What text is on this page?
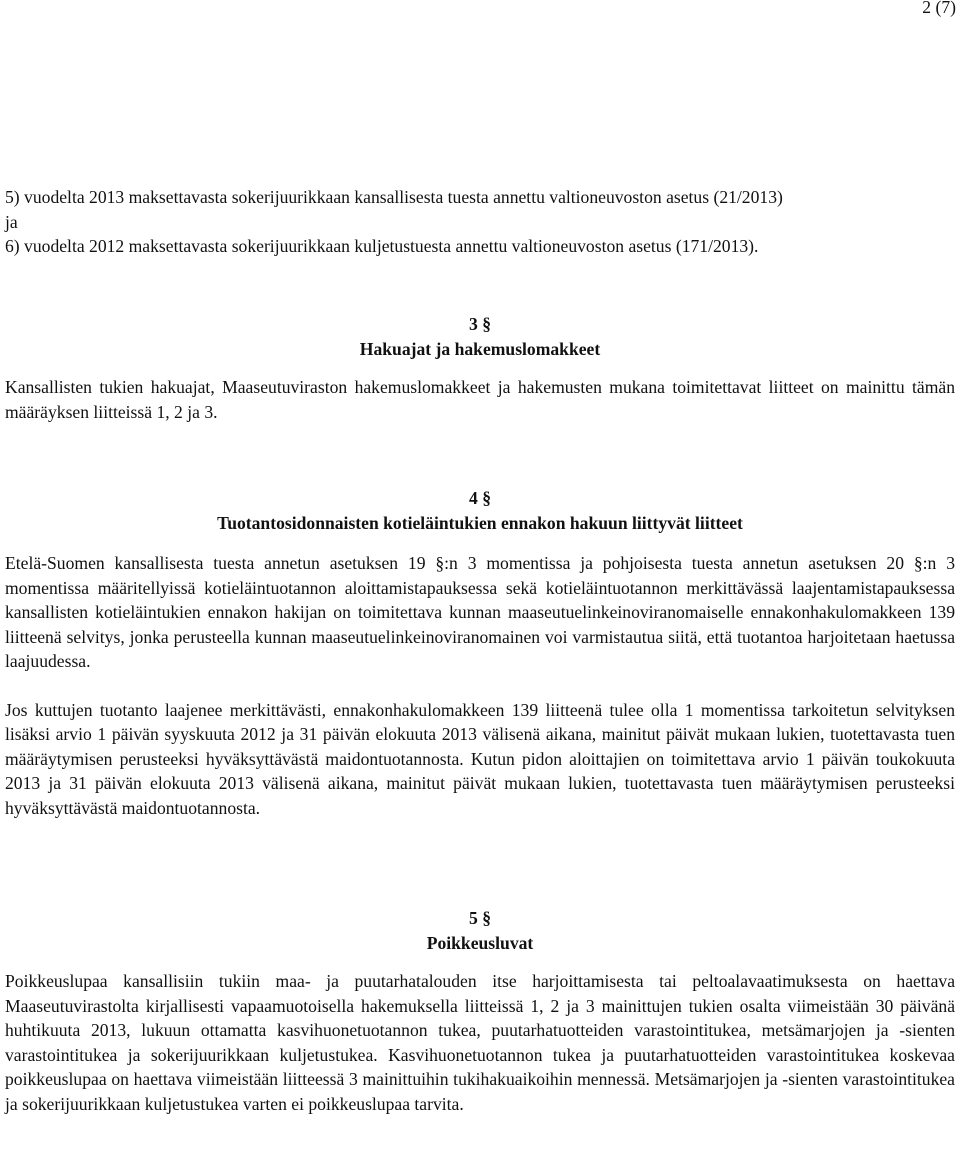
2 (7)

5) vuodelta 2013 maksettavasta sokerijuurikkaan kansallisesta tuesta annettu valtioneuvoston asetus (21/2013)

ja

6) vuodelta 2012 maksettavasta sokerijuurikkaan kuljetustuesta annettu valtioneuvoston asetus (171/2013).

3 §

Hakuajat ja hakemuslomakkeet

Kansallisten tukien hakuajat, Maaseutuviraston hakemuslomakkeet ja hakemusten mukana toimitettavat liitteet on mainittu tämän määräyksen liitteissä 1, 2 ja 3.

4 §

Tuotantosidonnaisten kotieläintukien ennakon hakuun liittyvät liitteet

Etelä-Suomen kansallisesta tuesta annetun asetuksen 19 §:n 3 momentissa ja pohjoisesta tuesta annetun asetuksen 20 §:n 3 momentissa määritellyissä kotieläintuotannon aloittamistapauksessa sekä kotieläintuotannon merkittävässä laajentamistapauksessa kansallisten kotieläintukien ennakon hakijan on toimitettava kunnan maaseutuelinkeinoviranomaiselle ennakonhakulomakkeen 139 liitteenä selvitys, jonka perusteella kunnan maaseutuelinkeinoviranomainen voi varmistautua siitä, että tuotantoa harjoitetaan haetussa laajuudessa.

Jos kuttujen tuotanto laajenee merkittävästi, ennakonhakulomakkeen 139 liitteenä tulee olla 1 momentissa tarkoitetun selvityksen lisäksi arvio 1 päivän syyskuuta 2012 ja 31 päivän elokuuta 2013 välisenä aikana, mainitut päivät mukaan lukien, tuotettavasta tuen määräytymisen perusteeksi hyväksyttävästä maidontuotannosta. Kutun pidon aloittajien on toimitettava arvio 1 päivän toukokuuta 2013 ja 31 päivän elokuuta 2013 välisenä aikana, mainitut päivät mukaan lukien, tuotettavasta tuen määräytymisen perusteeksi hyväksyttävästä maidontuotannosta.

5 §

Poikkeusluvat

Poikkeuslupaa kansallisiin tukiin maa- ja puutarhatalouden itse harjoittamisesta tai peltoalavaatimuksesta on haettava Maaseutuvirastolta kirjallisesti vapaamuotoisella hakemuksella liitteissä 1, 2 ja 3 mainittujen tukien osalta viimeistään 30 päivänä huhtikuuta 2013, lukuun ottamatta kasvihuonetuotannon tukea, puutarhatuotteiden varastointitukea, metsämarjojen ja -sienten varastointitukea ja sokerijuurikkaan kuljetustukea. Kasvihuonetuotannon tukea ja puutarhatuotteiden varastointitukea koskevaa poikkeuslupaa on haettava viimeistään liitteessä 3 mainittuihin tukihakuaikoihin mennessä. Metsämarjojen ja -sienten varastointitukea ja sokerijuurikkaan kuljetustukea varten ei poikkeuslupaa tarvita.
